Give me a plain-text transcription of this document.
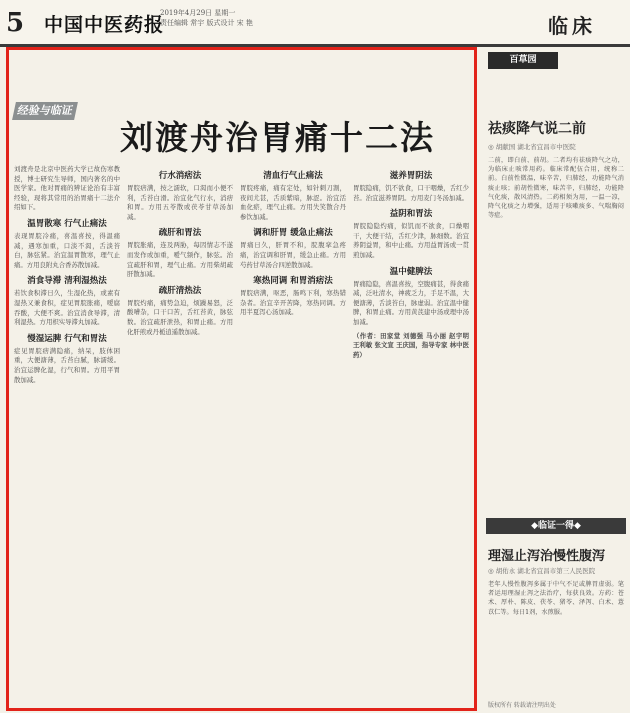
5 中国中医药报
2019年4月29日 星期一
责任编辑 常宇 版式设计 宋 艳	临床
经验与临证
刘渡舟治胃痛十二法
刘渡舟是北京中医药大学已故伤寒教授，博士研究生导师，国内著名的中医学家。他对胃痛的辨证论治有丰富经验，现将其常用的治胃痛十二法介绍如下。
温胃散寒 行气止痛法
表现胃脘冷痛，喜温喜按，得温痛减，遇寒加重，口淡不渴，舌淡苔白，脉弦紧。治宜温胃散寒，理气止痛。方用良附丸合香苏散加减。
消食导滞 清利湿热法
若饮食积滞日久，生湿化热，或素有湿热又兼食积，症见胃脘胀痛，嗳腐吞酸，大便不爽。治宜消食导滞，清利湿热。方用枳实导滞丸加减。
慢湿运脾 行气和胃法
症见胃脘痞满隐痛，纳呆，肢体困重，大便溏薄，舌苔白腻，脉濡缓。治宜运脾化湿，行气和胃。方用平胃散加减。
行水消痞法
胃脘痞满，按之濡软，口渴而小便不利，舌苔白滑。治宜化气行水，消痞和胃。方用五苓散或茯苓甘草汤加减。
疏肝和胃法
胃脘胀痛，连及两胁，每因情志不遂而发作或加重，嗳气频作，脉弦。治宜疏肝和胃，理气止痛。方用柴胡疏肝散加减。
疏肝清热法
胃脘灼痛，痛势急迫，烦躁易怒，泛酸嘈杂，口干口苦，舌红苔黄，脉弦数。治宜疏肝泄热，和胃止痛。方用化肝煎或丹栀逍遥散加减。
清血行气止痛法
胃脘疼痛，痛有定处，如针刺刀割，夜间尤甚，舌质紫暗，脉涩。治宜活血化瘀，理气止痛。方用失笑散合丹参饮加减。
调和肝胃 缓急止痛法
胃痛日久，肝胃不和，脘腹挛急疼痛，治宜调和肝胃，缓急止痛。方用芍药甘草汤合四逆散加减。
寒热同调 和胃消痞法
胃脘痞满，呕恶，肠鸣下利，寒热错杂者。治宜辛开苦降，寒热同调。方用半夏泻心汤加减。
滋养胃阴法
胃脘隐痛，饥不欲食，口干咽燥，舌红少苔。治宜滋养胃阴。方用麦门冬汤加减。
益阴和胃法
胃脘隐隐灼痛，似饥而不欲食，口燥咽干，大便干结，舌红少津，脉细数。治宜养阴益胃，和中止痛。方用益胃汤或一贯煎加减。
温中健脾法
胃痛隐隐，喜温喜按，空腹痛甚，得食痛减，泛吐清水，神疲乏力，手足不温，大便溏薄，舌淡苔白，脉虚弱。治宜温中健脾，和胃止痛。方用黄芪建中汤或理中汤加减。
（作者：田家堂 刘德强 马小丽 赵宇明 王利敏 张文宣 王庆国，指导专家 林中医药）
百草园
祛痰降气说二前
◎ 胡献国 湖北省宜昌市中医院
二前，即白前、前胡。二者均有祛痰降气之功，为临床止咳常用药。临床常配伍合用，统称二前。白前性微温，味辛苦，归肺经，功能降气消痰止咳；前胡性微寒，味苦辛，归肺经，功能降气化痰，散风清热。二药相须为用，一温一凉，降气化痰之力增强，适用于咳嗽痰多、气喘胸闷等症。
◆临证一得◆
理湿止泻治慢性腹泻
◎ 胡佑永 湖北省宜昌市第三人民医院
老年人慢性腹泻多属于中气不足或脾胃虚弱。笔者运用理湿止泻之法治疗，每获良效。方药：苍术、厚朴、陈皮、茯苓、猪苓、泽泻、白术、薏苡仁等。每日1剂，水煎服。
版权所有 转载请注明出处
